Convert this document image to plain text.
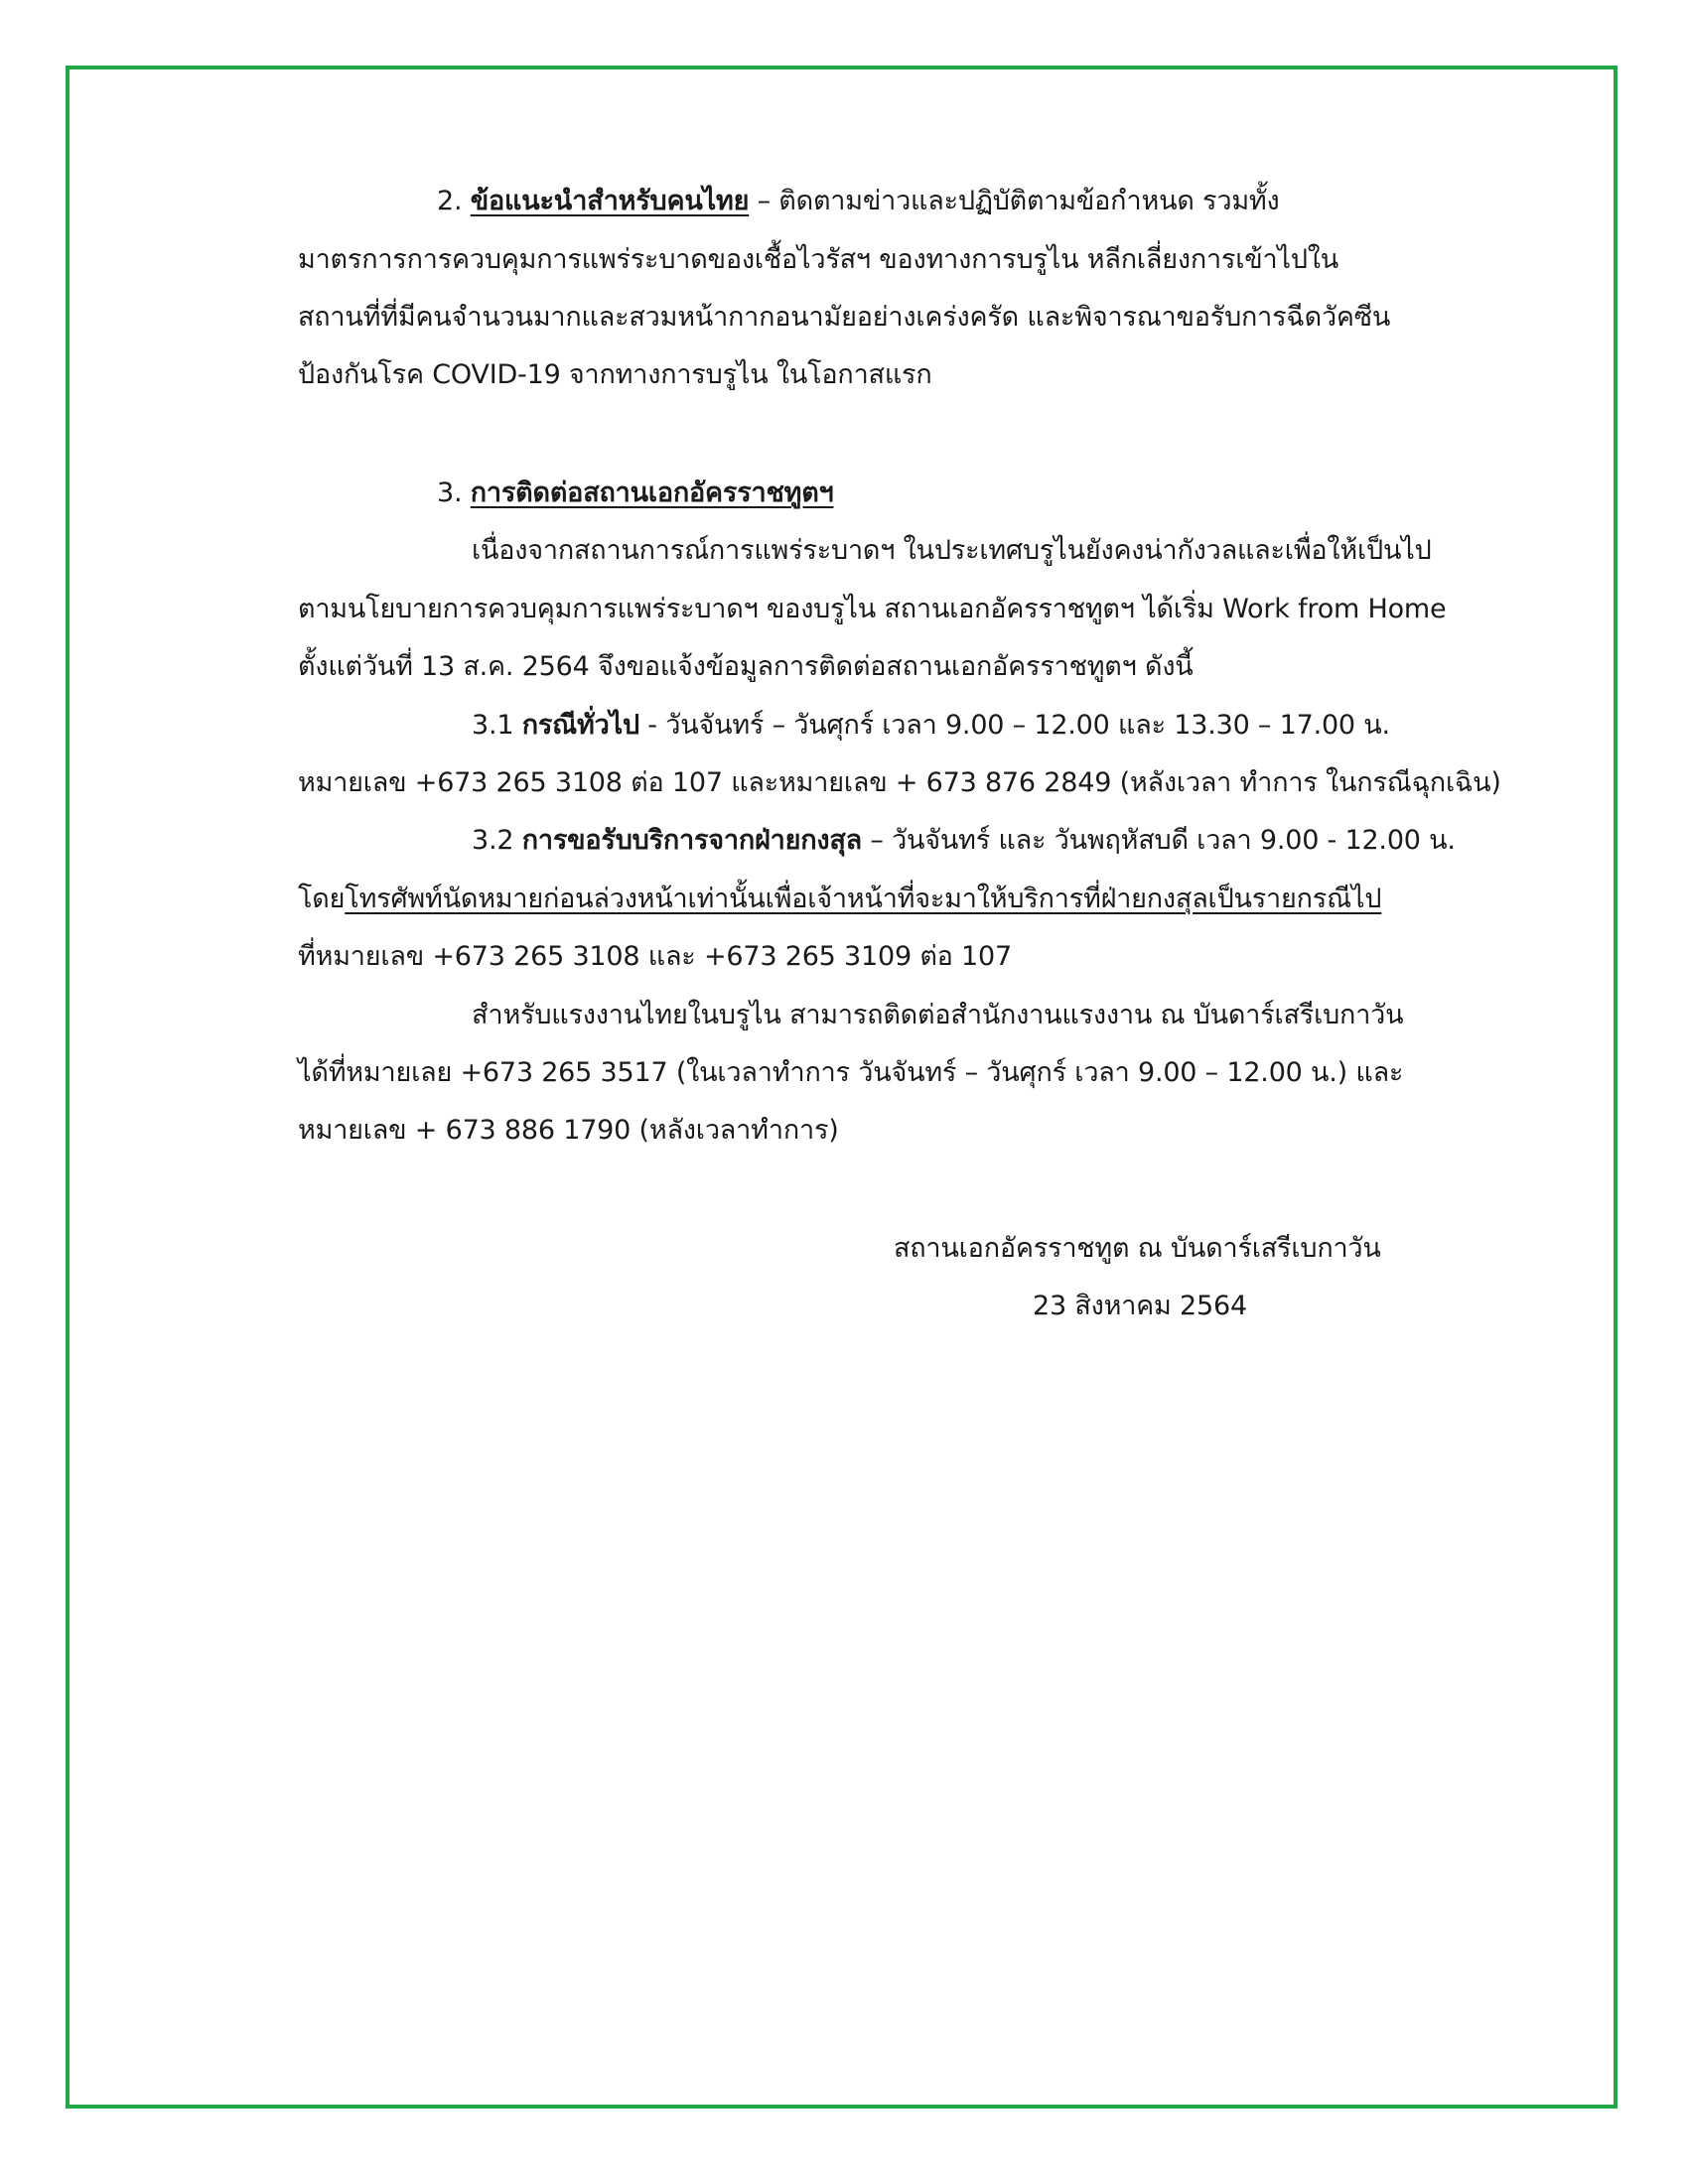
2. ข้อแนะนำสำหรับคนไทย – ติดตามข่าวและปฏิบัติตามข้อกำหนด รวมทั้ง
มาตรการการควบคุมการแพร่ระบาดของเชื้อไวรัสฯ ของทางการบรูไน หลีกเลี่ยงการเข้าไปใน
สถานที่ที่มีคนจำนวนมากและสวมหน้ากากอนามัยอย่างเคร่งครัด และพิจารณาขอรับการฉีดวัคซีน
ป้องกันโรค COVID-19 จากทางการบรูไน ในโอกาสแรก
3. การติดต่อสถานเอกอัครราชทูตฯ
เนื่องจากสถานการณ์การแพร่ระบาดฯ ในประเทศบรูไนยังคงน่ากังวลและเพื่อให้เป็นไป
ตามนโยบายการควบคุมการแพร่ระบาดฯ ของบรูไน สถานเอกอัครราชทูตฯ ได้เริ่ม Work from Home
ตั้งแต่วันที่ 13 ส.ค. 2564 จึงขอแจ้งข้อมูลการติดต่อสถานเอกอัครราชทูตฯ ดังนี้
3.1 กรณีทั่วไป - วันจันทร์ – วันศุกร์ เวลา 9.00 – 12.00 และ 13.30 – 17.00 น.
หมายเลข +673 265 3108 ต่อ 107 และหมายเลข + 673 876 2849 (หลังเวลา ทำการ ในกรณีฉุกเฉิน)
3.2 การขอรับบริการจากฝ่ายกงสุล – วันจันทร์ และ วันพฤหัสบดี เวลา 9.00 - 12.00 น.
โดยโทรศัพท์นัดหมายก่อนล่วงหน้าเท่านั้นเพื่อเจ้าหน้าที่จะมาให้บริการที่ฝ่ายกงสุลเป็นรายกรณีไป
ที่หมายเลข +673 265 3108 และ +673 265 3109 ต่อ 107
สำหรับแรงงานไทยในบรูไน สามารถติดต่อสำนักงานแรงงาน ณ บันดาร์เสรีเบกาวัน
ได้ที่หมายเลย +673 265 3517 (ในเวลาทำการ วันจันทร์ – วันศุกร์ เวลา 9.00 – 12.00 น.) และ
หมายเลข + 673 886 1790 (หลังเวลาทำการ)
สถานเอกอัครราชทูต ณ บันดาร์เสรีเบกาวัน
23 สิงหาคม 2564
